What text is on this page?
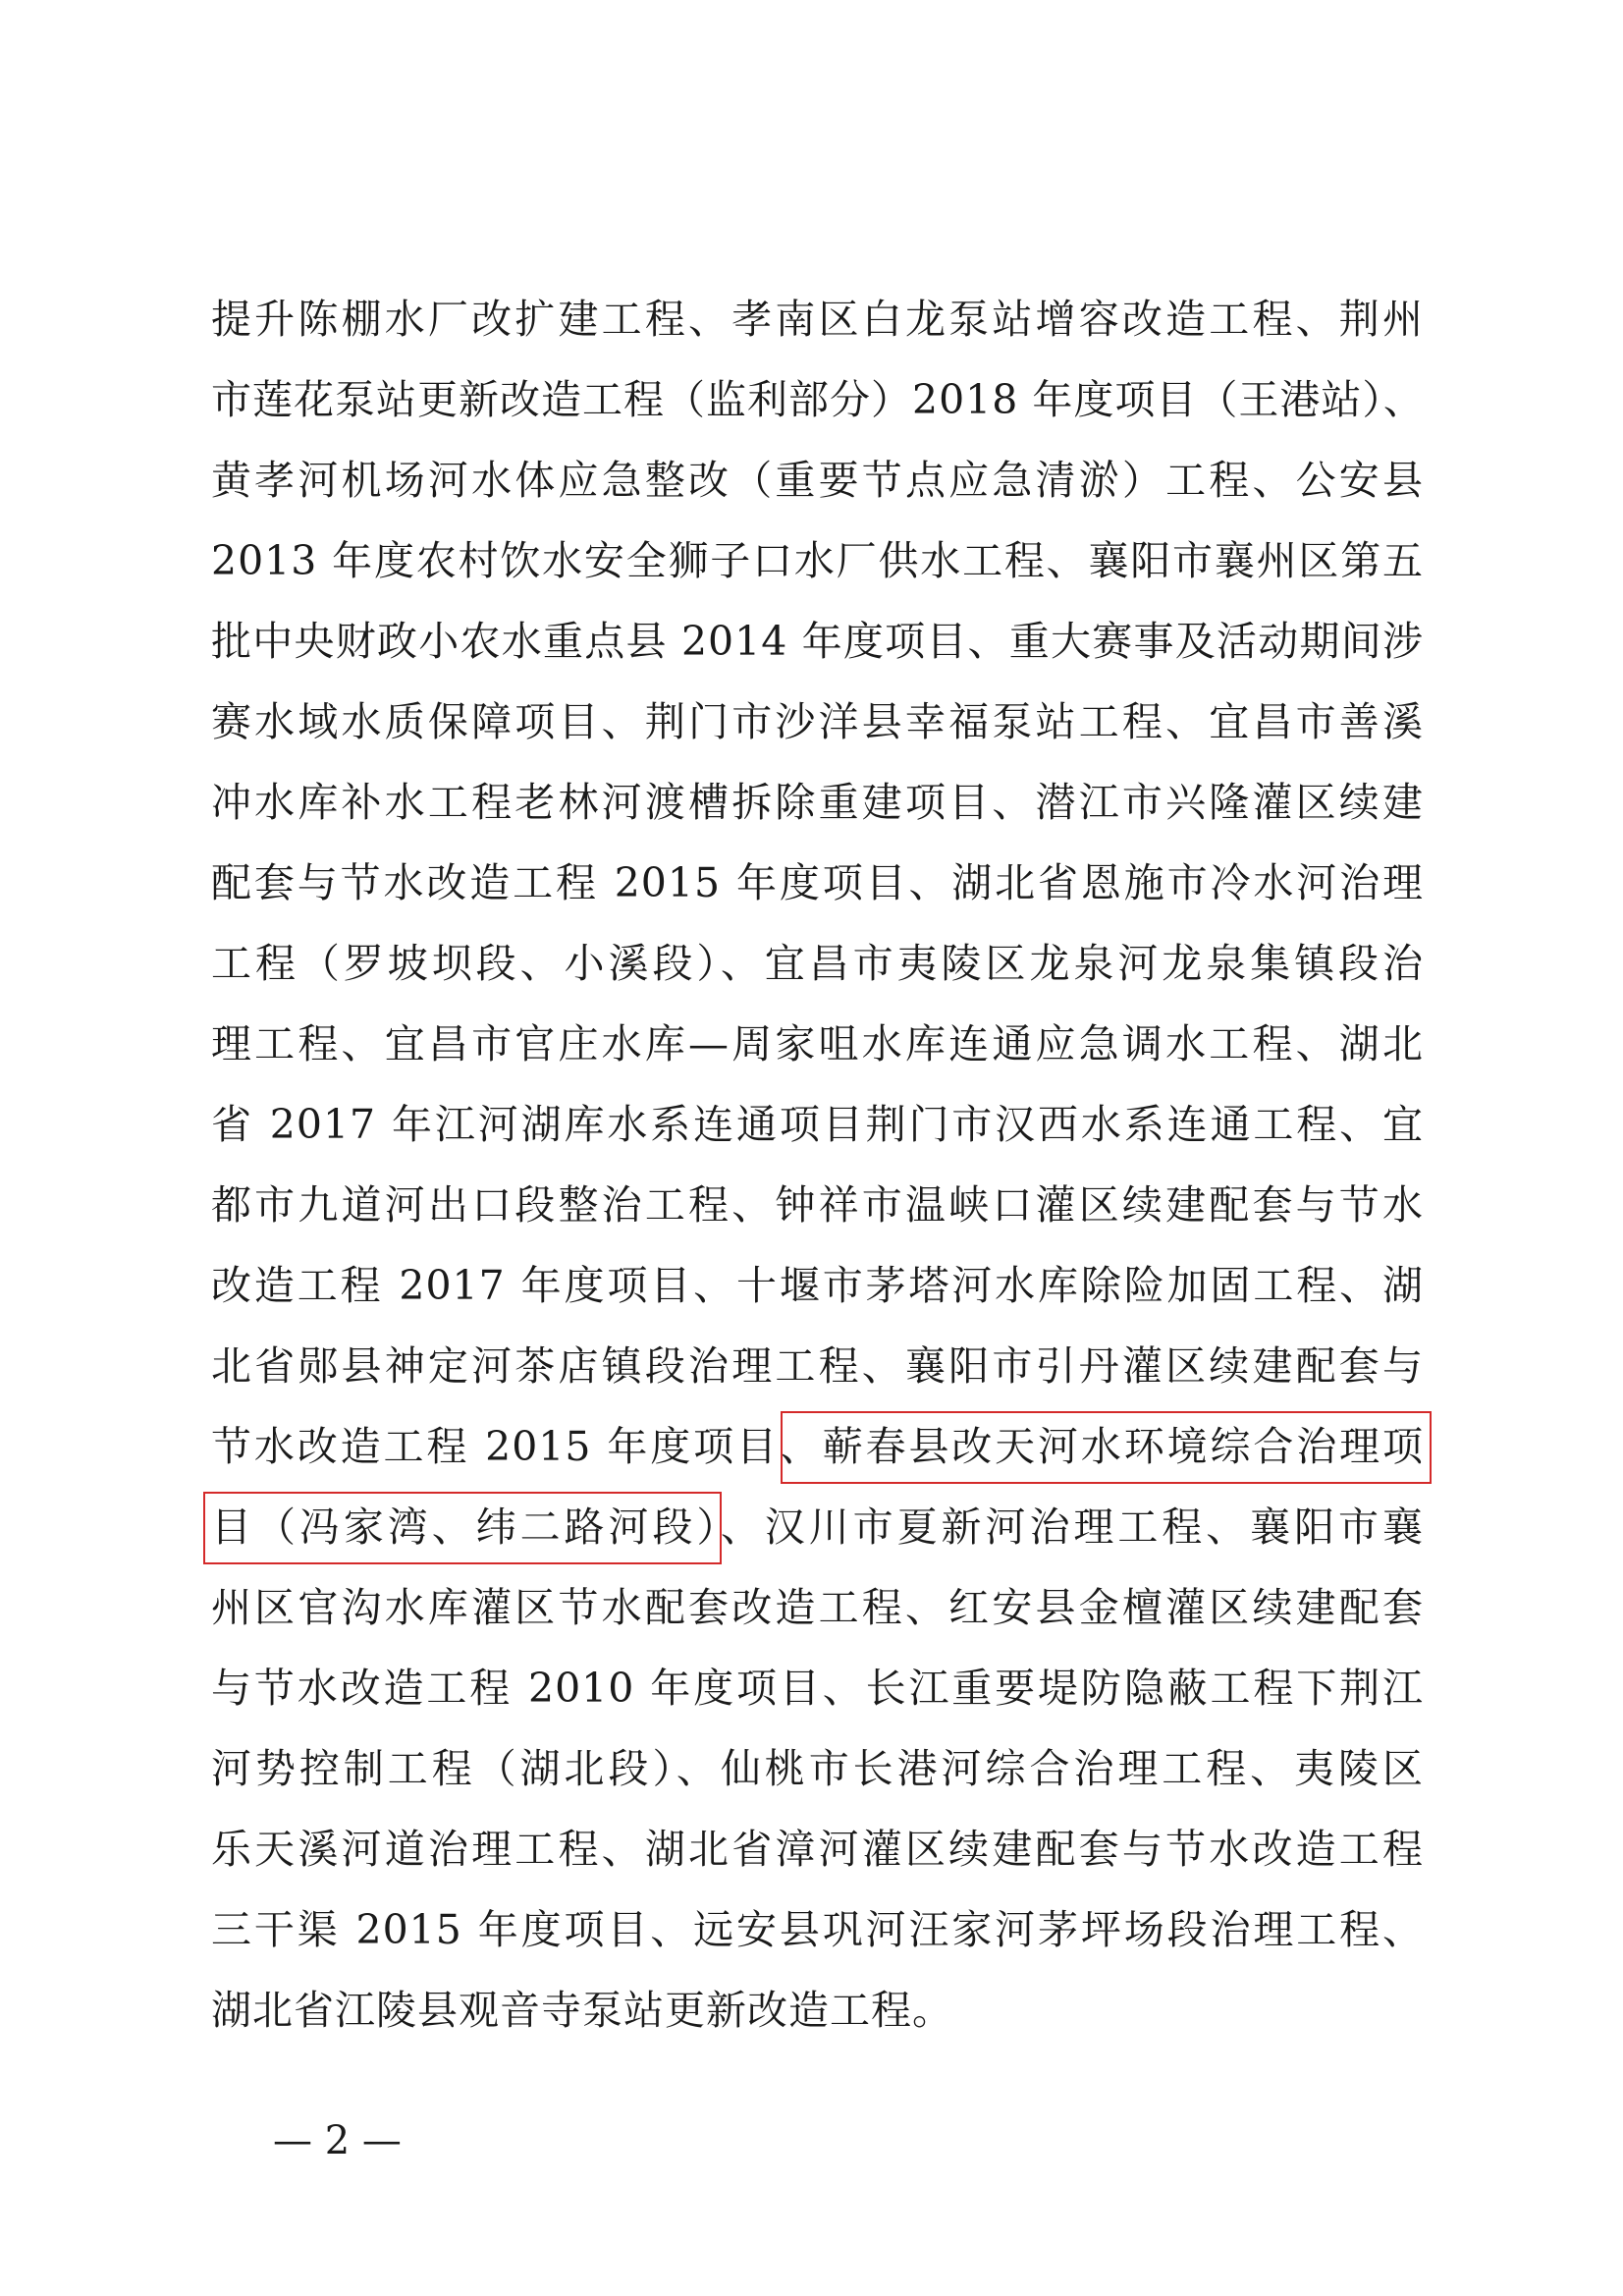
提升陈棚水厂改扩建工程、孝南区白龙泵站增容改造工程、荆州
市莲花泵站更新改造工程（监利部分）2018 年度项目（王港站）、
黄孝河机场河水体应急整改（重要节点应急清淤）工程、公安县
2013 年度农村饮水安全狮子口水厂供水工程、襄阳市襄州区第五
批中央财政小农水重点县 2014 年度项目、重大赛事及活动期间涉
赛水域水质保障项目、荆门市沙洋县幸福泵站工程、宜昌市善溪
冲水库补水工程老林河渡槽拆除重建项目、潜江市兴隆灌区续建
配套与节水改造工程 2015 年度项目、湖北省恩施市冷水河治理
工程（罗坡坝段、小溪段）、宜昌市夷陵区龙泉河龙泉集镇段治
理工程、宜昌市官庄水库—周家咀水库连通应急调水工程、湖北
省 2017 年江河湖库水系连通项目荆门市汉西水系连通工程、宜
都市九道河出口段整治工程、钟祥市温峡口灌区续建配套与节水
改造工程 2017 年度项目、十堰市茅塔河水库除险加固工程、湖
北省郧县神定河茶店镇段治理工程、襄阳市引丹灌区续建配套与
节水改造工程 2015 年度项目、蕲春县改天河水环境综合治理项
目（冯家湾、纬二路河段）、汉川市夏新河治理工程、襄阳市襄
州区官沟水库灌区节水配套改造工程、红安县金檀灌区续建配套
与节水改造工程 2010 年度项目、长江重要堤防隐蔽工程下荆江
河势控制工程（湖北段）、仙桃市长港河综合治理工程、夷陵区
乐天溪河道治理工程、湖北省漳河灌区续建配套与节水改造工程
三干渠 2015 年度项目、远安县巩河汪家河茅坪场段治理工程、
湖北省江陵县观音寺泵站更新改造工程。
— 2 —
